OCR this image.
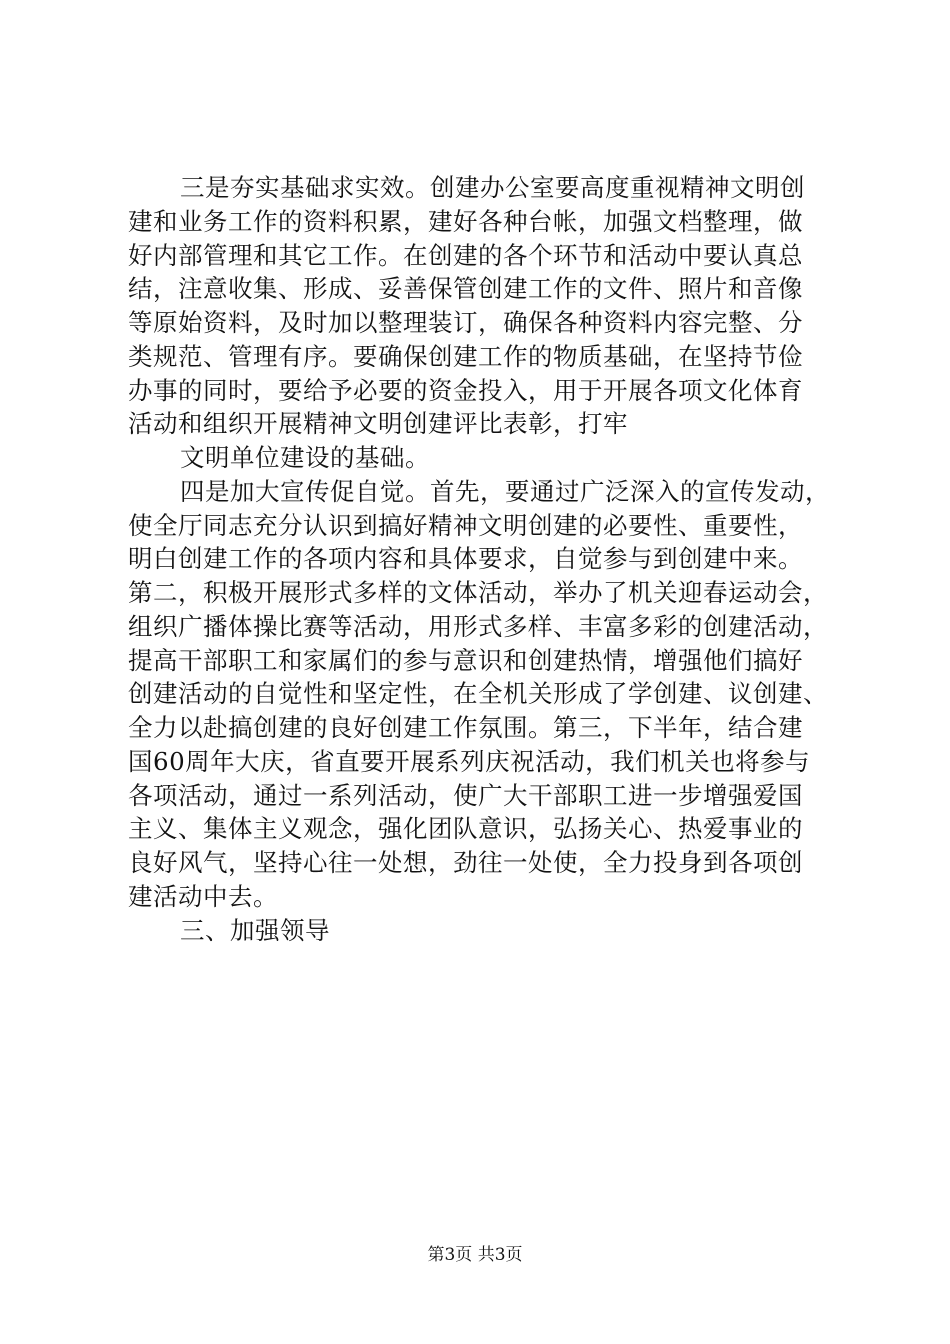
三是夯实基础求实效。创建办公室要高度重视精神文明创
建和业务工作的资料积累，建好各种台帐，加强文档整理，做
好内部管理和其它工作。在创建的各个环节和活动中要认真总
结，注意收集、形成、妥善保管创建工作的文件、照片和音像
等原始资料，及时加以整理装订，确保各种资料内容完整、分
类规范、管理有序。要确保创建工作的物质基础，在坚持节俭
办事的同时，要给予必要的资金投入，用于开展各项文化体育
活动和组织开展精神文明创建评比表彰，打牢
文明单位建设的基础。
四是加大宣传促自觉。首先，要通过广泛深入的宣传发动，
使全厅同志充分认识到搞好精神文明创建的必要性、重要性，
明白创建工作的各项内容和具体要求，自觉参与到创建中来。
第二，积极开展形式多样的文体活动，举办了机关迎春运动会，
组织广播体操比赛等活动，用形式多样、丰富多彩的创建活动，
提高干部职工和家属们的参与意识和创建热情，增强他们搞好
创建活动的自觉性和坚定性，在全机关形成了学创建、议创建、
全力以赴搞创建的良好创建工作氛围。第三，下半年，结合建
国60周年大庆，省直要开展系列庆祝活动，我们机关也将参与
各项活动，通过一系列活动，使广大干部职工进一步增强爱国
主义、集体主义观念，强化团队意识，弘扬关心、热爱事业的
良好风气，坚持心往一处想，劲往一处使，全力投身到各项创
建活动中去。
三、加强领导
第3页 共3页
